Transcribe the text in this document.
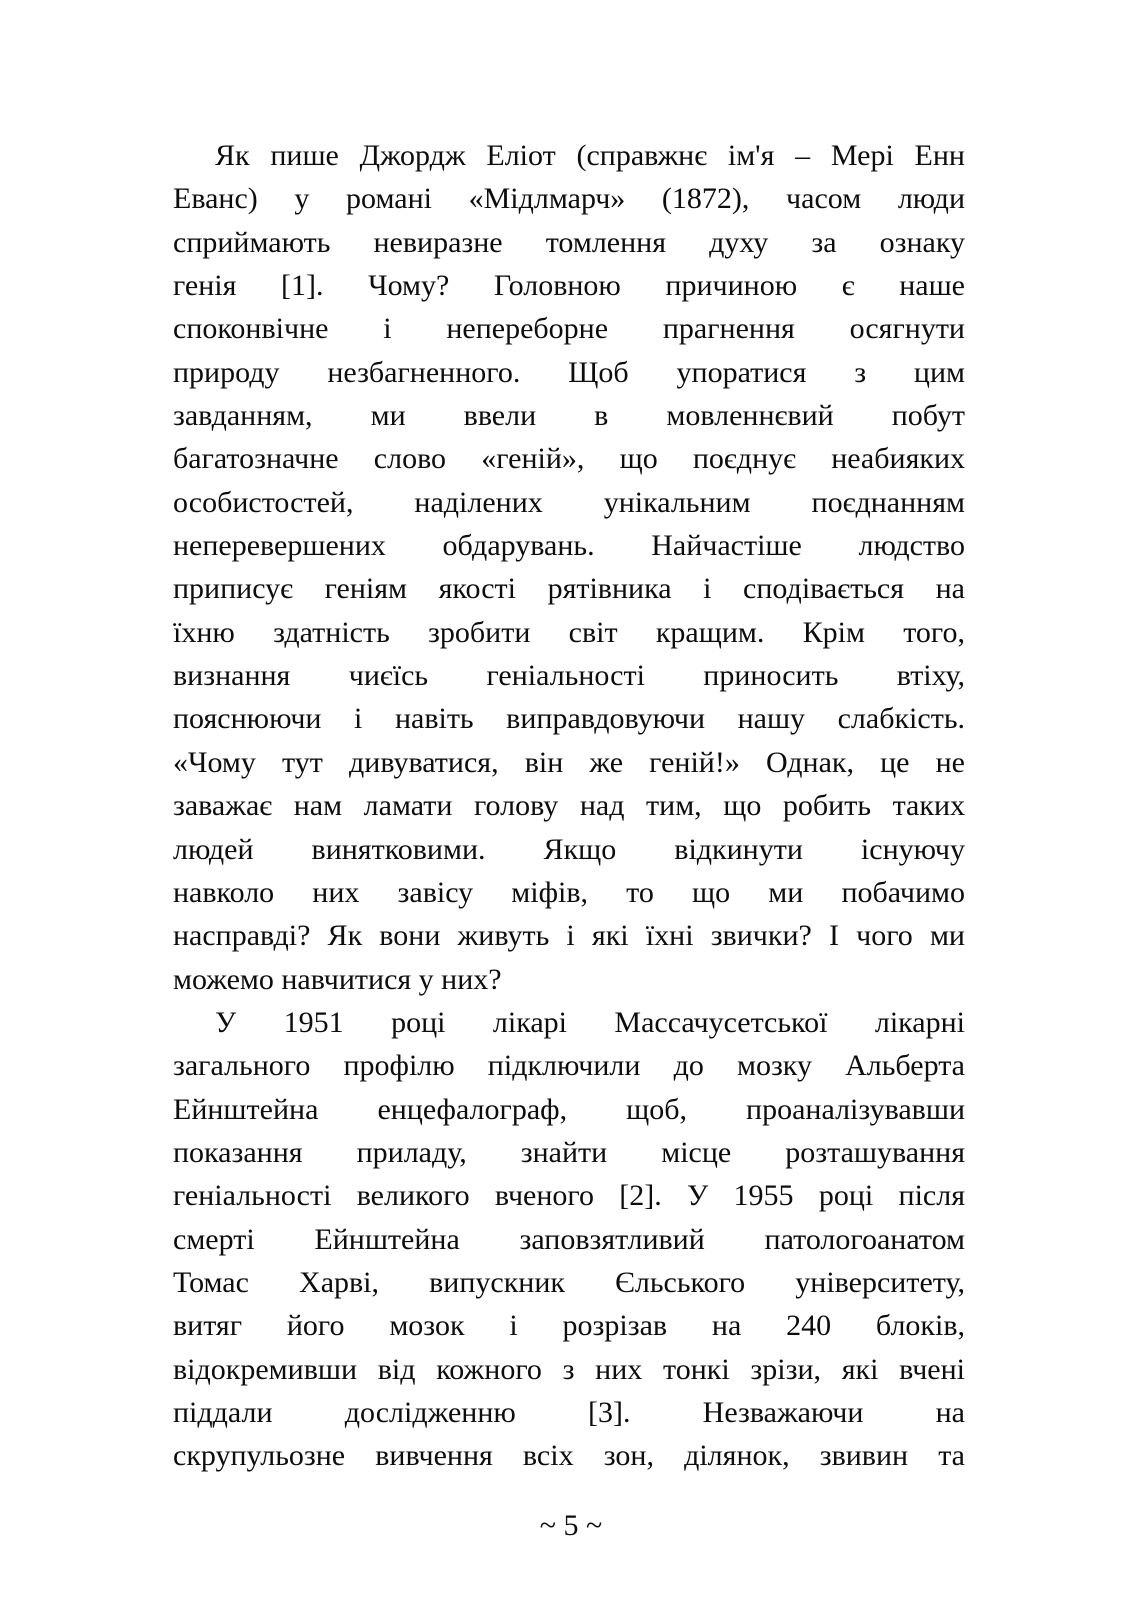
Як пише Джордж Еліот (справжнє ім'я – Мері Енн
Еванс) у романі «Мідлмарч» (1872), часом люди
сприймають невиразне томлення духу за ознаку
генія [1]. Чому? Головною причиною є наше
споконвічне і непереборне прагнення осягнути
природу незбагненного. Щоб упоратися з цим
завданням, ми ввели в мовленнєвий побут
багатозначне слово «геній», що поєднує неабияких
особистостей, наділених унікальним поєднанням
неперевершених обдарувань. Найчастіше людство
приписує геніям якості рятівника і сподівається на
їхню здатність зробити світ кращим. Крім того,
визнання чиєїсь геніальності приносить втіху,
пояснюючи і навіть виправдовуючи нашу слабкість.
«Чому тут дивуватися, він же геній!» Однак, це не
заважає нам ламати голову над тим, що робить таких
людей винятковими. Якщо відкинути існуючу
навколо них завісу міфів, то що ми побачимо
насправді? Як вони живуть і які їхні звички? І чого ми
можемо навчитися у них?
У 1951 році лікарі Массачусетської лікарні
загального профілю підключили до мозку Альберта
Ейнштейна енцефалограф, щоб, проаналізувавши
показання приладу, знайти місце розташування
геніальності великого вченого [2]. У 1955 році після
смерті Ейнштейна заповзятливий патологоанатом
Томас Харві, випускник Єльського університету,
витяг його мозок і розрізав на 240 блоків,
відокремивши від кожного з них тонкі зрізи, які вчені
піддали дослідженню [3]. Незважаючи на
скрупульозне вивчення всіх зон, ділянок, звивин та
~ 5 ~
